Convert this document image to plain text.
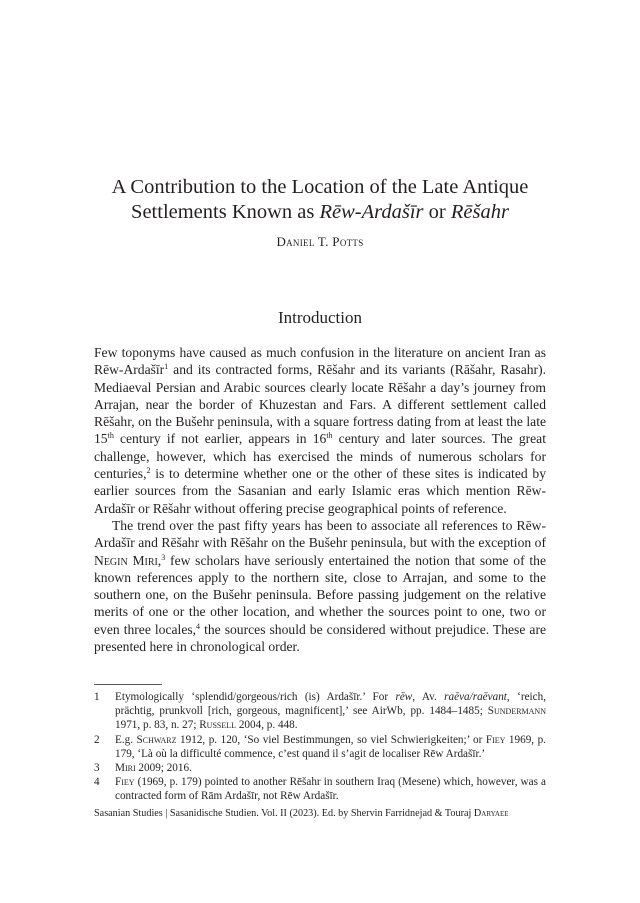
A Contribution to the Location of the Late Antique
Settlements Known as Rēw-Ardašīr or Rēšahr
Daniel T. Potts
Introduction

Few toponyms have caused as much confusion in the literature on ancient Iran as Rēw-Ardašīr$^1$ and its contracted forms, Rēšahr and its variants (Rāšahr, Rasahr). Mediaeval Persian and Arabic sources clearly locate Rēšahr a day’s journey from Arrajan, near the border of Khuzestan and Fars. A different settlement called Rēšahr, on the Bušehr peninsula, with a square fortress dating from at least the late 15th century if not earlier, appears in 16th century and later sources. The great challenge, however, which has exercised the minds of numerous scholars for centuries,$^2$ is to determine whether one or the other of these sites is indicated by earlier sources from the Sasanian and early Islamic eras which mention Rēw-Ardašīr or Rēšahr without offering precise geographical points of reference.

The trend over the past fifty years has been to associate all references to Rēw-Ardašīr and Rēšahr with Rēšahr on the Bušehr peninsula, but with the exception of Negin Miri,$^3$ few scholars have seriously entertained the notion that some of the known references apply to the northern site, close to Arrajan, and some to the southern one, on the Bušehr peninsula. Before passing judgement on the relative merits of one or the other location, and whether the sources point to one, two or even three locales,$^4$ the sources should be considered without prejudice. These are presented here in chronological order.

1	Etymologically ‘splendid/gorgeous/rich (is) Ardašīr.’ For rēw, Av. raēva/raēvant, ‘reich, prächtig, prunkvoll [rich, gorgeous, magnificent],’ see AirWb, pp. 1484–1485; Sundermann 1971, p. 83, n. 27; Russell 2004, p. 448.
2	E.g. Schwarz 1912, p. 120, ‘So viel Bestimmungen, so viel Schwierigkeiten;’ or Fiey 1969, p. 179, ‘Là où la difficulté commence, c’est quand il s’agit de localiser Rēw Ardašīr.’
3	Miri 2009; 2016.
4	Fiey (1969, p. 179) pointed to another Rēšahr in southern Iraq (Mesene) which, however, was a contracted form of Rām Ardašīr, not Rēw Ardašīr.
Sasanian Studies | Sasanidische Studien. Vol. II (2023). Ed. by Shervin Farridnejad & Touraj Daryaee
